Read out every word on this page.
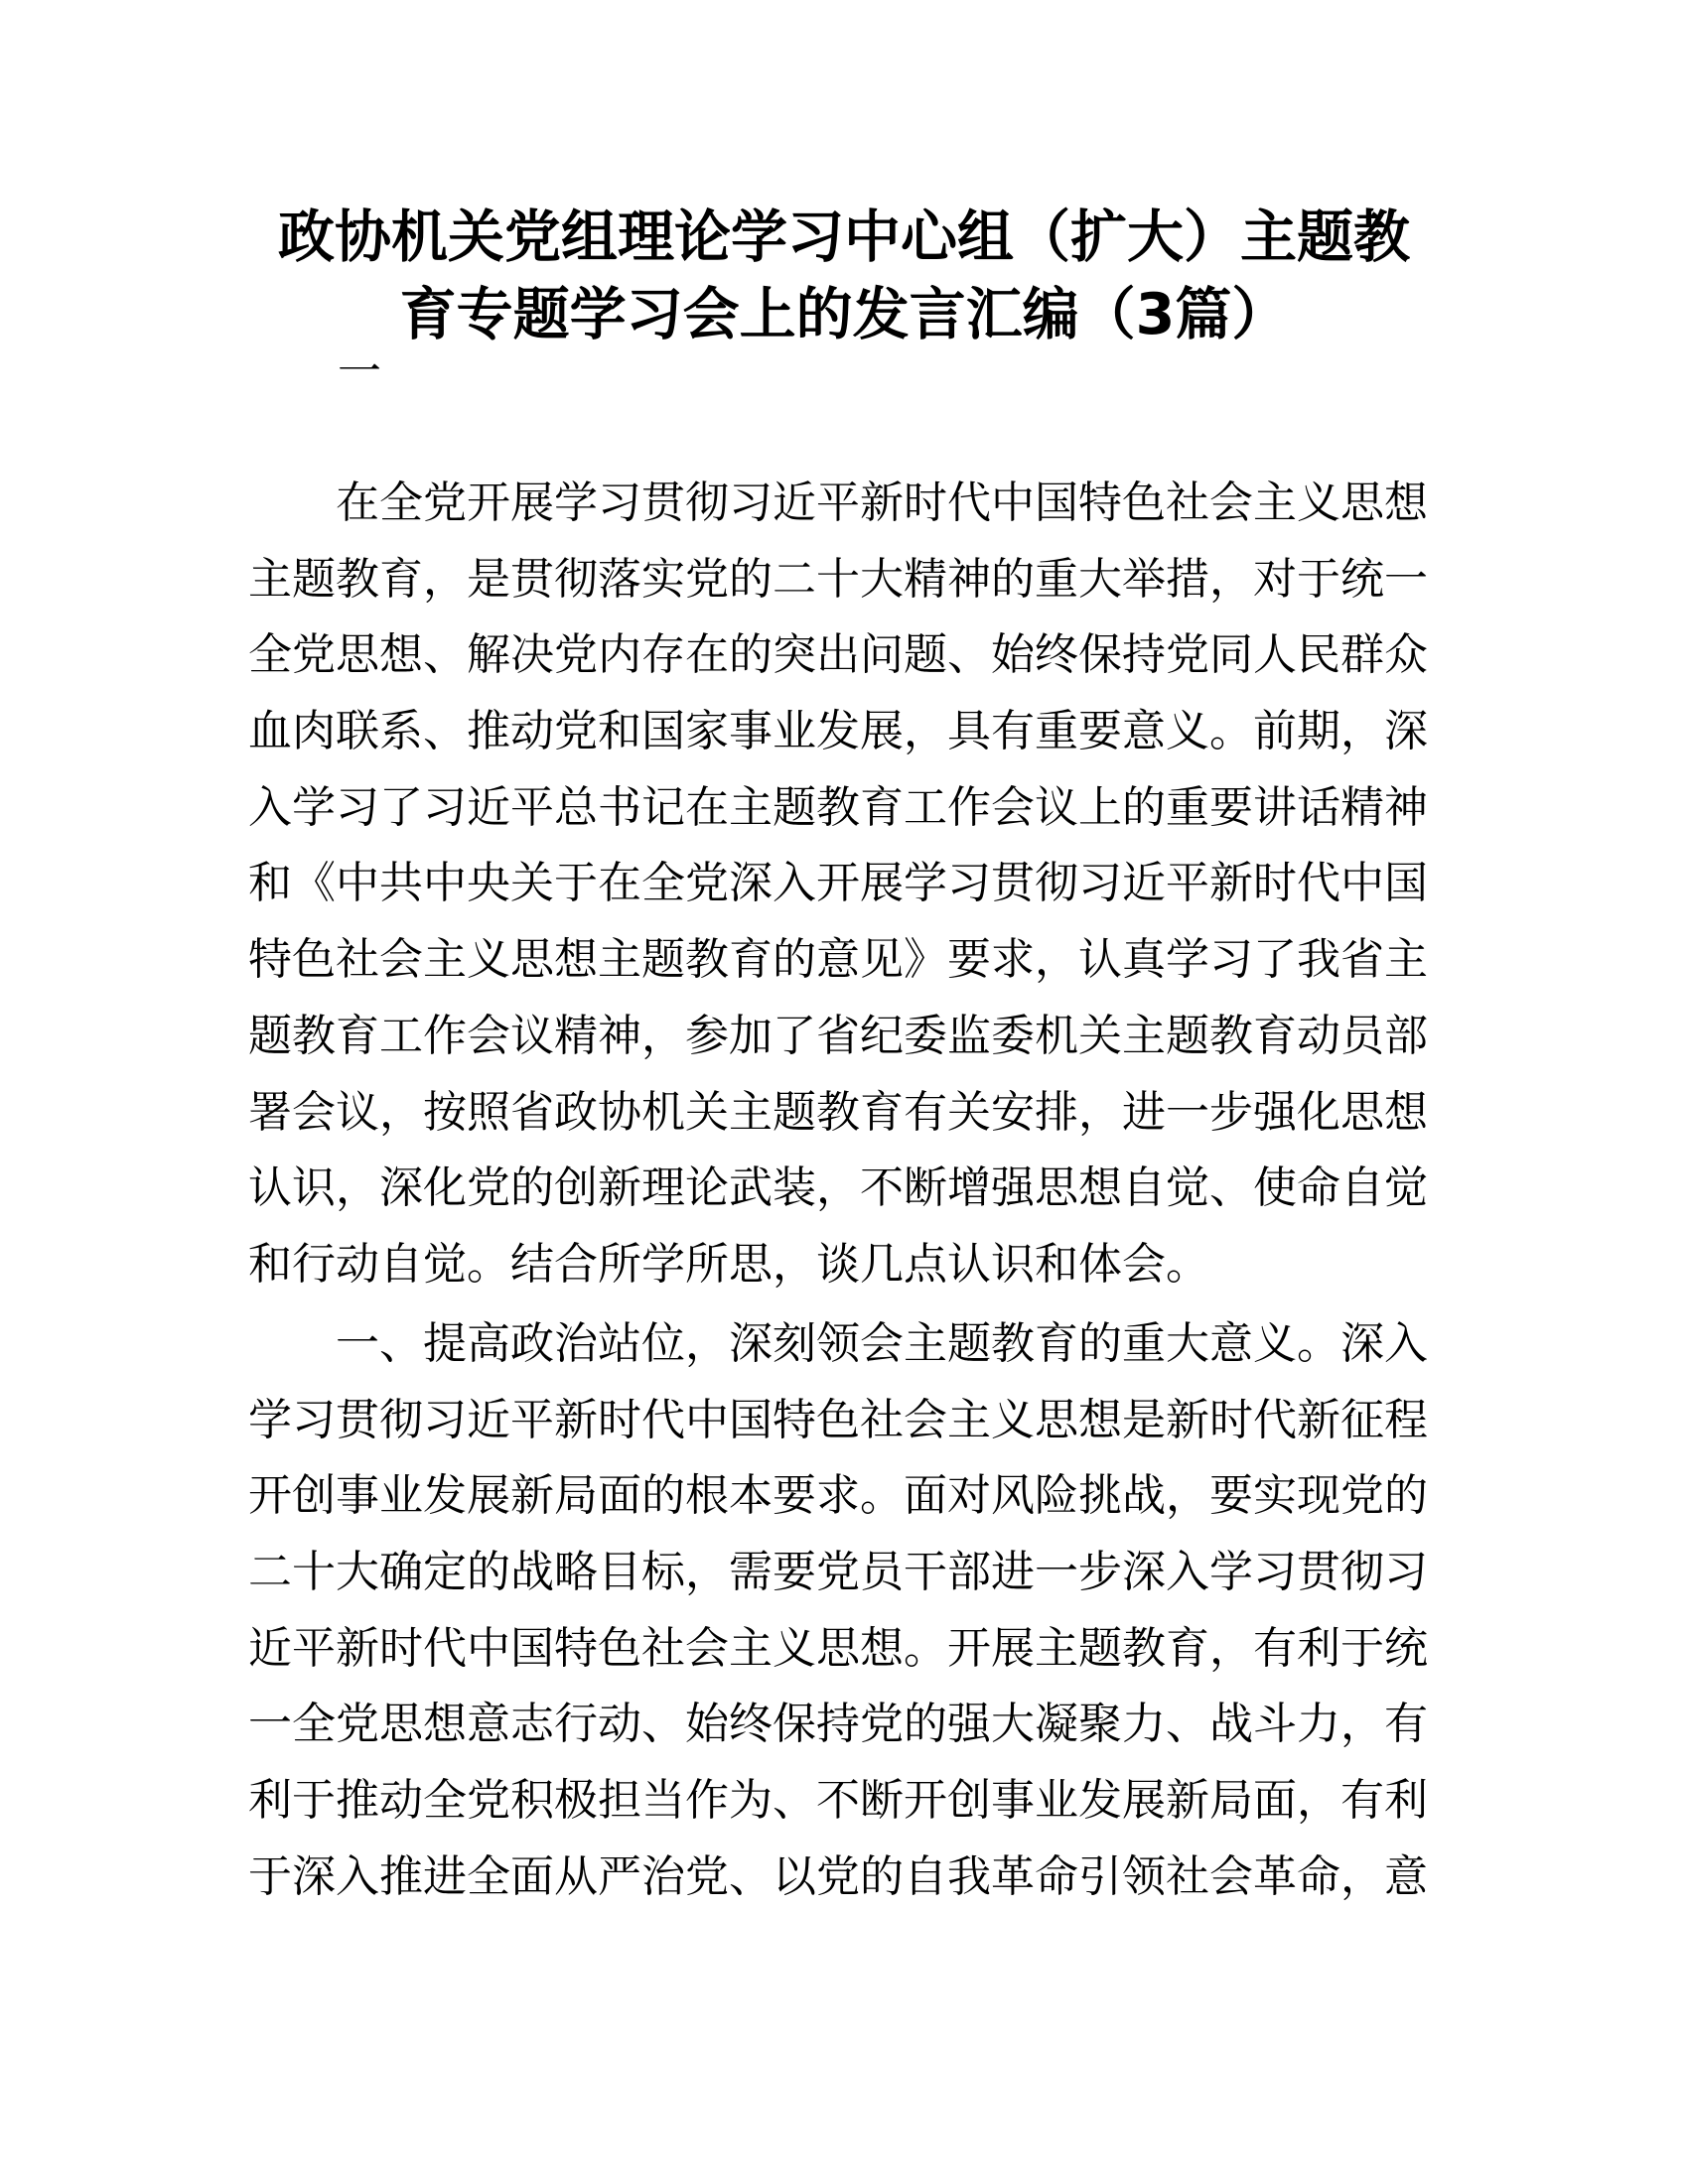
政协机关党组理论学习中心组（扩大）主题教
育专题学习会上的发言汇编（3篇）
一
在全党开展学习贯彻习近平新时代中国特色社会主义思想
主题教育，是贯彻落实党的二十大精神的重大举措，对于统一
全党思想、解决党内存在的突出问题、始终保持党同人民群众
血肉联系、推动党和国家事业发展，具有重要意义。前期，深
入学习了习近平总书记在主题教育工作会议上的重要讲话精神
和《中共中央关于在全党深入开展学习贯彻习近平新时代中国
特色社会主义思想主题教育的意见》要求，认真学习了我省主
题教育工作会议精神，参加了省纪委监委机关主题教育动员部
署会议，按照省政协机关主题教育有关安排，进一步强化思想
认识，深化党的创新理论武装，不断增强思想自觉、使命自觉
和行动自觉。结合所学所思，谈几点认识和体会。
一、提高政治站位，深刻领会主题教育的重大意义。深入
学习贯彻习近平新时代中国特色社会主义思想是新时代新征程
开创事业发展新局面的根本要求。面对风险挑战，要实现党的
二十大确定的战略目标，需要党员干部进一步深入学习贯彻习
近平新时代中国特色社会主义思想。开展主题教育，有利于统
一全党思想意志行动、始终保持党的强大凝聚力、战斗力，有
利于推动全党积极担当作为、不断开创事业发展新局面，有利
于深入推进全面从严治党、以党的自我革命引领社会革命，意
